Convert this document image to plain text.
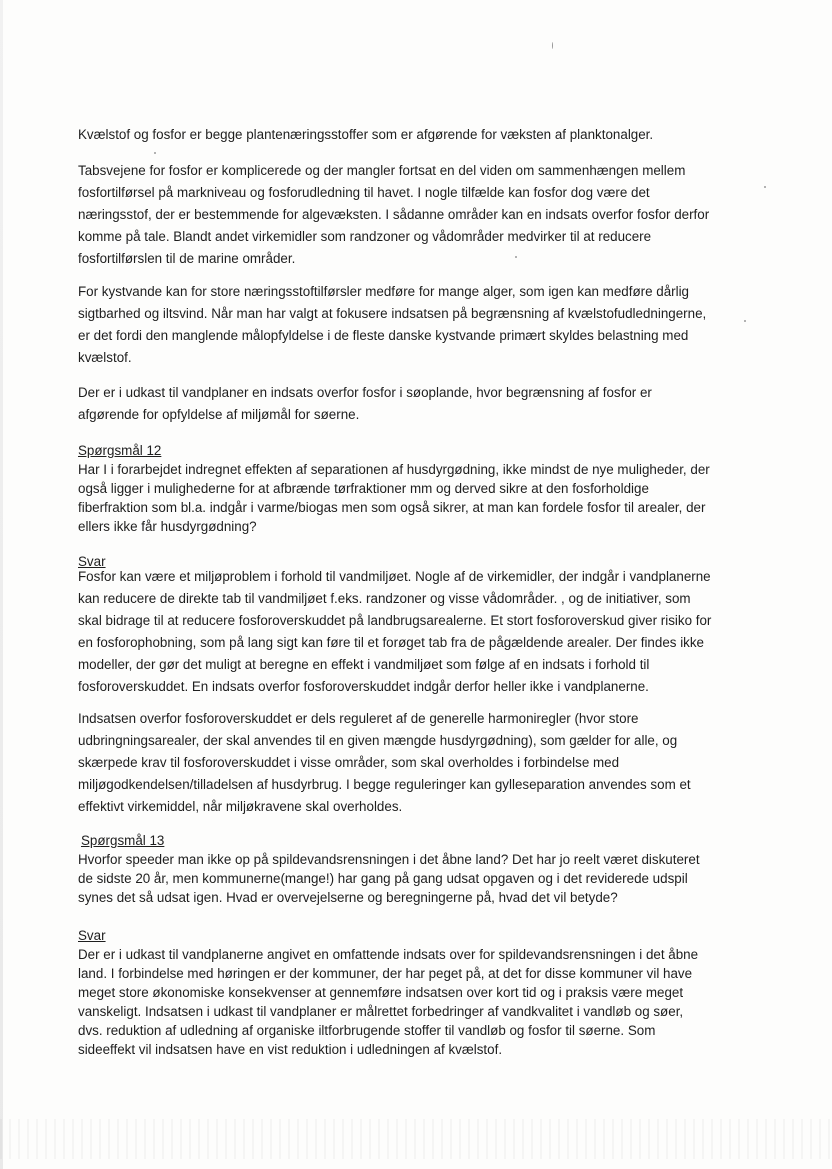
Kvælstof og fosfor er begge plantenæringsstoffer som er afgørende for væksten af planktonalger.
Tabsvejene for fosfor er komplicerede og der mangler fortsat en del viden om sammenhængen mellem
fosfortilførsel på markniveau og fosforudledning til havet. I nogle tilfælde kan fosfor dog være det
næringsstof, der er bestemmende for algevæksten. I sådanne områder kan en indsats overfor fosfor derfor
komme på tale. Blandt andet virkemidler som randzoner og vådområder medvirker til at reducere
fosfortilførslen til de marine områder.
For kystvande kan for store næringsstoftilførsler medføre for mange alger, som igen kan medføre dårlig
sigtbarhed og iltsvind. Når man har valgt at fokusere indsatsen på begrænsning af kvælstofudledningerne,
er det fordi den manglende målopfyldelse i de fleste danske kystvande primært skyldes belastning med
kvælstof.
Der er i udkast til vandplaner en indsats overfor fosfor i søoplande, hvor begrænsning af fosfor er
afgørende for opfyldelse af miljømål for søerne.
Spørgsmål 12
Har I i forarbejdet indregnet effekten af separationen af husdyrgødning, ikke mindst de nye muligheder, der
også ligger i mulighederne for at afbrænde tørfraktioner mm og derved sikre at den fosforholdige
fiberfraktion som bl.a. indgår i varme/biogas men som også sikrer, at man kan fordele fosfor til arealer, der
ellers ikke får husdyrgødning?
Svar
Fosfor kan være et miljøproblem i forhold til vandmiljøet. Nogle af de virkemidler, der indgår i vandplanerne
kan reducere de direkte tab til vandmiljøet f.eks. randzoner og visse vådområder. , og de initiativer, som
skal bidrage til at reducere fosforoverskuddet på landbrugsarealerne. Et stort fosforoverskud giver risiko for
en fosforophobning, som på lang sigt kan føre til et forøget tab fra de pågældende arealer. Der findes ikke
modeller, der gør det muligt at beregne en effekt i vandmiljøet som følge af en indsats i forhold til
fosforoverskuddet. En indsats overfor fosforoverskuddet indgår derfor heller ikke i vandplanerne.
Indsatsen overfor fosforoverskuddet er dels reguleret af de generelle harmoniregler (hvor store
udbringningsarealer, der skal anvendes til en given mængde husdyrgødning), som gælder for alle, og
skærpede krav til fosforoverskuddet i visse områder, som skal overholdes i forbindelse med
miljøgodkendelsen/tilladelsen af husdyrbrug. I begge reguleringer kan gylleseparation anvendes som et
effektivt virkemiddel, når miljøkravene skal overholdes.
Spørgsmål 13
Hvorfor speeder man ikke op på spildevandsrensningen i det åbne land? Det har jo reelt været diskuteret
de sidste 20 år, men kommunerne(mange!) har gang på gang udsat opgaven og i det reviderede udspil
synes det så udsat igen. Hvad er overvejelserne og beregningerne på, hvad det vil betyde?
Svar
Der er i udkast til vandplanerne angivet en omfattende indsats over for spildevandsrensningen i det åbne
land. I forbindelse med høringen er der kommuner, der har peget på, at det for disse kommuner vil have
meget store økonomiske konsekvenser at gennemføre indsatsen over kort tid og i praksis være meget
vanskeligt. Indsatsen i udkast til vandplaner er målrettet forbedringer af vandkvalitet i vandløb og søer,
dvs. reduktion af udledning af organiske iltforbrugende stoffer til vandløb og fosfor til søerne. Som
sideeffekt vil indsatsen have en vist reduktion i udledningen af kvælstof.
